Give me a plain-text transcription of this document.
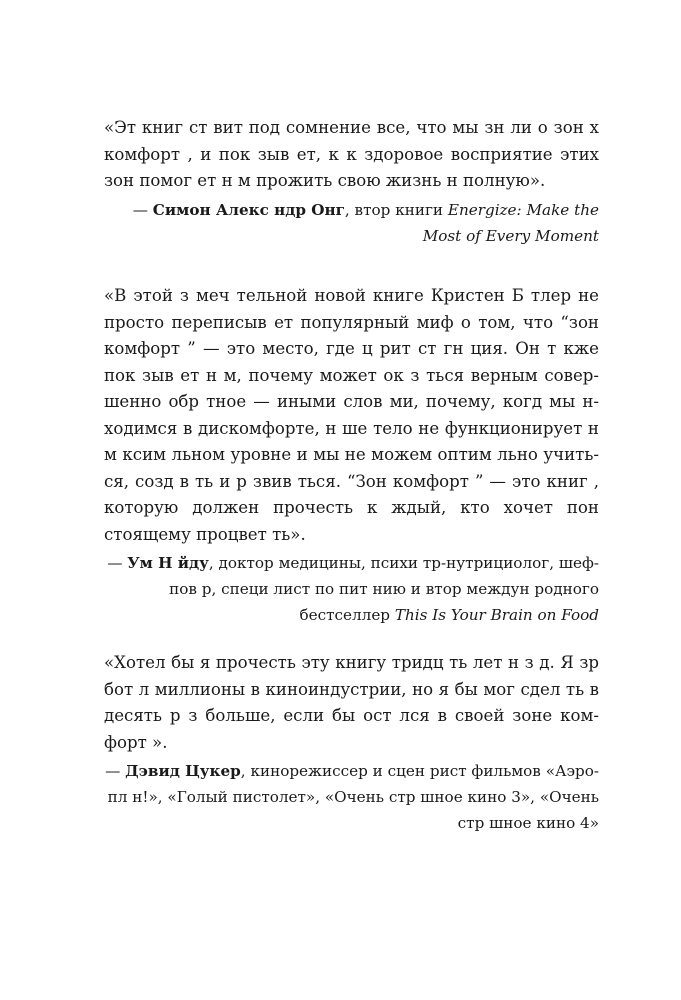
«Эт книг ст вит под сомнение все, что мы зн ли о зон х комфорт , и пок зыв ет, к к здоровое восприятие этих зон помог ет н м прожить свою жизнь н полную».
— Симон Алекс ндр Онг, втор книги Energize: Make the Most of Every Moment
«В этой з меч тельной новой книге Кристен Б тлер не просто переписыв ет популярный миф о том, что “зон комфорт ” — это место, где ц рит ст гн ция. Он т кже пок зыв ет н м, почему может ок з ться верным совершенно обр тное — иными слов ми, почему, когд мы нходимся в дискомфорте, н ше тело не функционирует н м ксим льном уровне и мы не можем оптим льно учиться, созд в ть и р звив ться. “Зон комфорт ” — это книг , которую должен прочесть к ждый, кто хочет пон стоящему процвет ть».
— Ум Н йду, доктор медицины, психи тр-нутрициолог, шеф-пов р, специ лист по пит нию и втор междун родного бестселлер This Is Your Brain on Food
«Хотел бы я прочесть эту книгу тридц ть лет н з д. Я зр бот л миллионы в киноиндустрии, но я бы мог сдел ть в десять р з больше, если бы ост лся в своей зоне комфорт ».
— Дэвид Цукер, кинорежиссер и сцен рист фильмов «Аэропл н!», «Голый пистолет», «Очень стр шное кино 3», «Очень стр шное кино 4»
